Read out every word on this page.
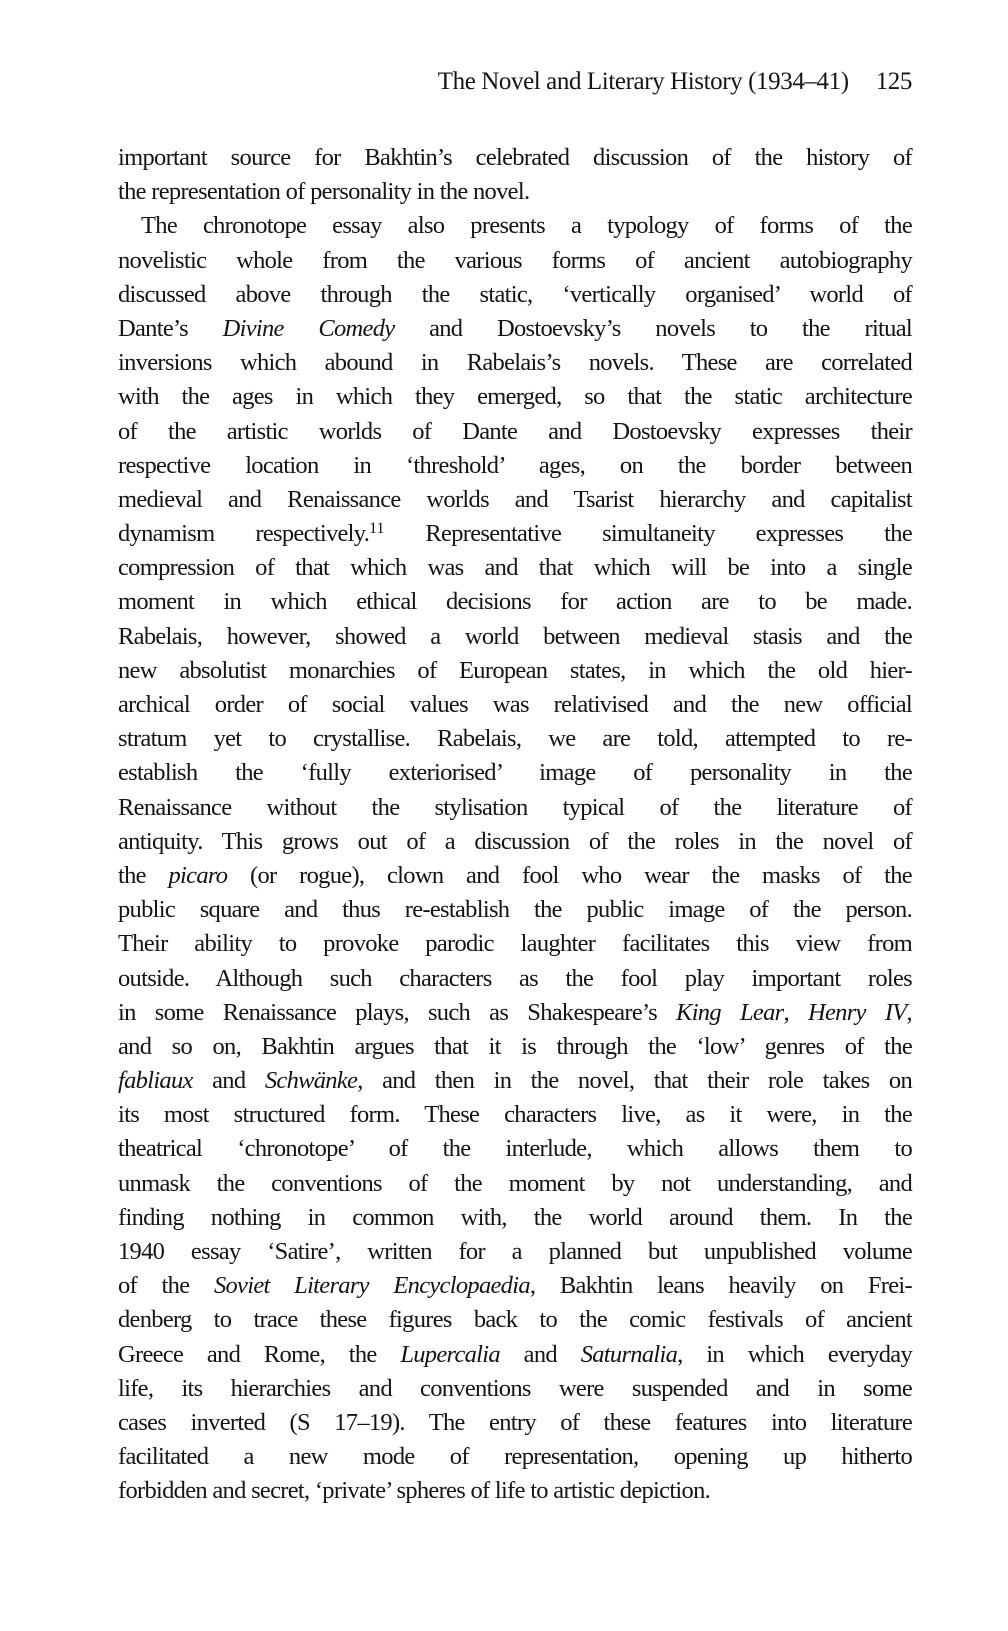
The Novel and Literary History (1934–41) 125
important source for Bakhtin’s celebrated discussion of the history of
the representation of personality in the novel.
The chronotope essay also presents a typology of forms of the
novelistic whole from the various forms of ancient autobiography
discussed above through the static, ‘vertically organised’ world of
Dante’s Divine Comedy and Dostoevsky’s novels to the ritual
inversions which abound in Rabelais’s novels. These are correlated
with the ages in which they emerged, so that the static architecture
of the artistic worlds of Dante and Dostoevsky expresses their
respective location in ‘threshold’ ages, on the border between
medieval and Renaissance worlds and Tsarist hierarchy and capitalist
dynamism respectively.$^{11}$ Representative simultaneity expresses the
compression of that which was and that which will be into a single
moment in which ethical decisions for action are to be made.
Rabelais, however, showed a world between medieval stasis and the
new absolutist monarchies of European states, in which the old hier-
archical order of social values was relativised and the new official
stratum yet to crystallise. Rabelais, we are told, attempted to re-
establish the ‘fully exteriorised’ image of personality in the
Renaissance without the stylisation typical of the literature of
antiquity. This grows out of a discussion of the roles in the novel of
the picaro (or rogue), clown and fool who wear the masks of the
public square and thus re-establish the public image of the person.
Their ability to provoke parodic laughter facilitates this view from
outside. Although such characters as the fool play important roles
in some Renaissance plays, such as Shakespeare’s King Lear, Henry IV,
and so on, Bakhtin argues that it is through the ‘low’ genres of the
fabliaux and Schwänke, and then in the novel, that their role takes on
its most structured form. These characters live, as it were, in the
theatrical ‘chronotope’ of the interlude, which allows them to
unmask the conventions of the moment by not understanding, and
finding nothing in common with, the world around them. In the
1940 essay ‘Satire’, written for a planned but unpublished volume
of the Soviet Literary Encyclopaedia, Bakhtin leans heavily on Frei-
denberg to trace these figures back to the comic festivals of ancient
Greece and Rome, the Lupercalia and Saturnalia, in which everyday
life, its hierarchies and conventions were suspended and in some
cases inverted (S 17–19). The entry of these features into literature
facilitated a new mode of representation, opening up hitherto
forbidden and secret, ‘private’ spheres of life to artistic depiction.
